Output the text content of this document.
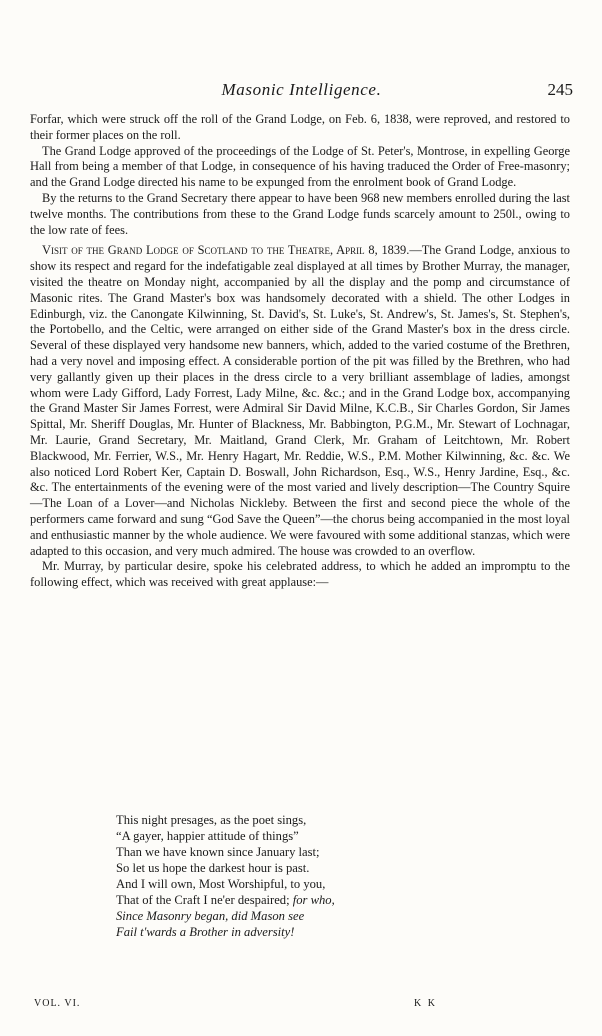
Masonic Intelligence.	245

Forfar, which were struck off the roll of the Grand Lodge, on Feb. 6, 1838, were reproved, and restored to their former places on the roll.

The Grand Lodge approved of the proceedings of the Lodge of St. Peter's, Montrose, in expelling George Hall from being a member of that Lodge, in consequence of his having traduced the Order of Free-masonry; and the Grand Lodge directed his name to be expunged from the enrolment book of Grand Lodge.

By the returns to the Grand Secretary there appear to have been 968 new members enrolled during the last twelve months. The contributions from these to the Grand Lodge funds scarcely amount to 250l., owing to the low rate of fees.

Visit of the Grand Lodge of Scotland to the Theatre, April 8, 1839.—The Grand Lodge, anxious to show its respect and regard for the indefatigable zeal displayed at all times by Brother Murray, the manager, visited the theatre on Monday night, accompanied by all the display and the pomp and circumstance of Masonic rites. The Grand Master's box was handsomely decorated with a shield. The other Lodges in Edinburgh, viz. the Canongate Kilwinning, St. David's, St. Luke's, St. Andrew's, St. James's, St. Stephen's, the Portobello, and the Celtic, were arranged on either side of the Grand Master's box in the dress circle. Several of these displayed very handsome new banners, which, added to the varied costume of the Brethren, had a very novel and imposing effect. A considerable portion of the pit was filled by the Brethren, who had very gallantly given up their places in the dress circle to a very brilliant assemblage of ladies, amongst whom were Lady Gifford, Lady Forrest, Lady Milne, &c. &c.; and in the Grand Lodge box, accompanying the Grand Master Sir James Forrest, were Admiral Sir David Milne, K.C.B., Sir Charles Gordon, Sir James Spittal, Mr. Sheriff Douglas, Mr. Hunter of Blackness, Mr. Babbington, P.G.M., Mr. Stewart of Lochnagar, Mr. Laurie, Grand Secretary, Mr. Maitland, Grand Clerk, Mr. Graham of Leitchtown, Mr. Robert Blackwood, Mr. Ferrier, W.S., Mr. Henry Hagart, Mr. Reddie, W.S., P.M. Mother Kilwinning, &c. &c. We also noticed Lord Robert Ker, Captain D. Boswall, John Richardson, Esq., W.S., Henry Jardine, Esq., &c. &c. The entertainments of the evening were of the most varied and lively description—The Country Squire—The Loan of a Lover—and Nicholas Nickleby. Between the first and second piece the whole of the performers came forward and sung “God Save the Queen”—the chorus being accompanied in the most loyal and enthusiastic manner by the whole audience. We were favoured with some additional stanzas, which were adapted to this occasion, and very much admired. The house was crowded to an overflow.

Mr. Murray, by particular desire, spoke his celebrated address, to which he added an impromptu to the following effect, which was received with great applause:—

This night presages, as the poet sings,
“A gayer, happier attitude of things”
Than we have known since January last;
So let us hope the darkest hour is past.
And I will own, Most Worshipful, to you,
That of the Craft I ne'er despaired; for who,
Since Masonry began, did Mason see
Fail t'wards a Brother in adversity!
VOL. VI.	K K
